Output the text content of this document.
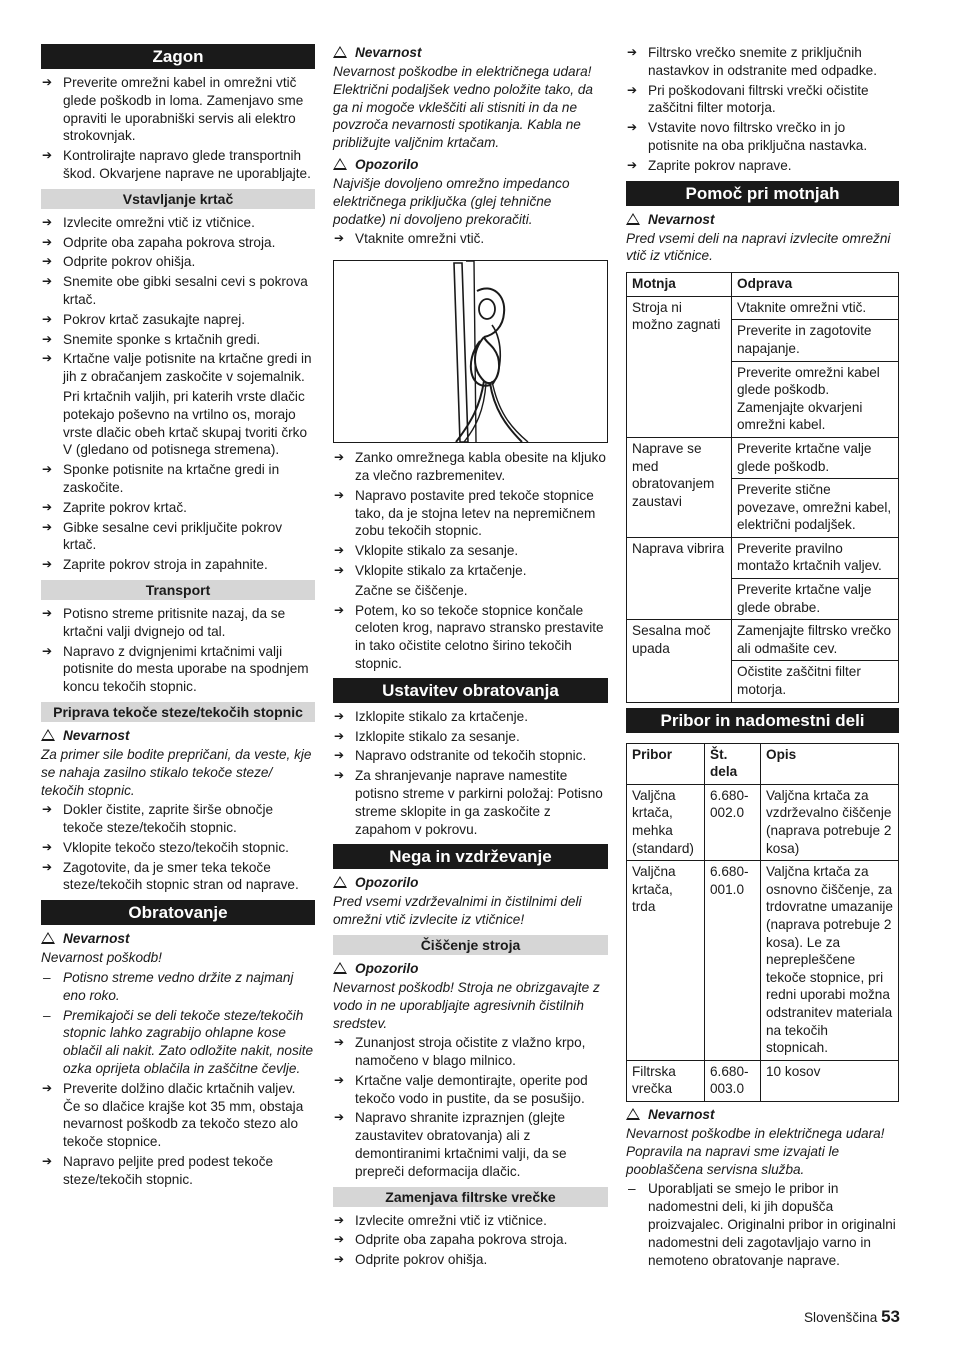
Zagon
➔ Preverite omrežni kabel in omrežni vtič glede poškodb in loma. Zamenjavo sme opraviti le uporabniški servis ali elektro strokovnjak.
➔ Kontrolirajte napravo glede transportnih škod. Okvarjene naprave ne uporabljajte.
Vstavljanje krtač
➔ Izvlecite omrežni vtič iz vtičnice.
➔ Odprite oba zapaha pokrova stroja.
➔ Odprite pokrov ohišja.
➔ Snemite obe gibki sesalni cevi s pokrova krtač.
➔ Pokrov krtač zasukajte naprej.
➔ Snemite sponke s krtačnih gredi.
➔ Krtačne valje potisnite na krtačne gredi in jih z obračanjem zaskočite v sojemalnik.
Pri krtačnih valjih, pri katerih vrste dlačic potekajo poševno na vrtilno os, morajo vrste dlačic obeh krtač skupaj tvoriti črko V (gledano od potisnega stremena).
➔ Sponke potisnite na krtačne gredi in zaskočite.
➔ Zaprite pokrov krtač.
➔ Gibke sesalne cevi priključite pokrov krtač.
➔ Zaprite pokrov stroja in zapahnite.
Transport
➔ Potisno streme pritisnite nazaj, da se krtačni valji dvignejo od tal.
➔ Napravo z dvignjenimi krtačnimi valji potisnite do mesta uporabe na spodnjem koncu tekočih stopnic.
Priprava tekoče steze/tekočih stopnic
Nevarnost
Za primer sile bodite prepričani, da veste, kje se nahaja zasilno stikalo tekoče steze/ tekočih stopnic.
➔ Dokler čistite, zaprite širše obnočje tekoče steze/tekočih stopnic.
➔ Vklopite tekočo stezo/tekočih stopnic.
➔ Zagotovite, da je smer teka tekoče steze/tekočih stopnic stran od naprave.
Obratovanje
Nevarnost
Nevarnost poškodb!
– Potisno streme vedno držite z najmanj eno roko.
– Premikajoči se deli tekoče steze/tekočih stopnic lahko zagrabijo ohlapne kose oblačil ali nakit. Zato odložite nakit, nosite ozka oprijeta oblačila in zaščitne čevlje.
➔ Preverite dolžino dlačic krtačnih valjev. Če so dlačice krajše kot 35 mm, obstaja nevarnost poškodb za tekočo stezo alo tekoče stopnice.
➔ Napravo peljite pred podest tekoče steze/tekočih stopnic.
Nevarnost
Nevarnost poškodbe in električnega udara! Električni podaljšek vedno položite tako, da ga ni mogoče vkleščiti ali stisniti in da ne povzroča nevarnosti spotikanja. Kabla ne približujte valjčnim krtačam.
Opozorilo
Najvišje dovoljeno omrežno impedanco električnega priključka (glej tehnične podatke) ni dovoljeno prekoračiti.
➔ Vtaknite omrežni vtič.
➔ Zanko omrežnega kabla obesite na kljuko za vlečno razbremenitev.
➔ Napravo postavite pred tekoče stopnice tako, da je stojna letev na nepremičnem zobu tekočih stopnic.
➔ Vklopite stikalo za sesanje.
➔ Vklopite stikalo za krtačenje.
Začne se čiščenje.
➔ Potem, ko so tekoče stopnice končale celoten krog, napravo stransko prestavite in tako očistite celotno širino tekočih stopnic.
Ustavitev obratovanja
➔ Izklopite stikalo za krtačenje.
➔ Izklopite stikalo za sesanje.
➔ Napravo odstranite od tekočih stopnic.
➔ Za shranjevanje naprave namestite potisno streme v parkirni položaj: Potisno streme sklopite in ga zaskočite z zapahom v pokrovu.
Nega in vzdrževanje
Opozorilo
Pred vsemi vzdrževalnimi in čistilnimi deli omrežni vtič izvlecite iz vtičnice!
Čiščenje stroja
Opozorilo
Nevarnost poškodb! Stroja ne obrizgavajte z vodo in ne uporabljajte agresivnih čistilnih sredstev.
➔ Zunanjost stroja očistite z vlažno krpo, namočeno v blago milnico.
➔ Krtačne valje demontirajte, operite pod tekočo vodo in pustite, da se posušijo.
➔ Napravo shranite izpraznjen (glejte zaustavitev obratovanja) ali z demontiranimi krtačnimi valji, da se prepreči deformacija dlačic.
Zamenjava filtrske vrečke
➔ Izvlecite omrežni vtič iz vtičnice.
➔ Odprite oba zapaha pokrova stroja.
➔ Odprite pokrov ohišja.
➔ Filtrsko vrečko snemite z priključnih nastavkov in odstranite med odpadke.
➔ Pri poškodovani filtrski vrečki očistite zaščitni filter motorja.
➔ Vstavite novo filtrsko vrečko in jo potisnite na oba priključna nastavka.
➔ Zaprite pokrov naprave.
Pomoč pri motnjah
Nevarnost
Pred vsemi deli na napravi izvlecite omrežni vtič iz vtičnice.
Motnja	Odprava
Stroja ni možno zagnati	Vtaknite omrežni vtič.
	Preverite in zagotovite napajanje.
	Preverite omrežni kabel glede poškodb. Zamenjajte okvarjeni omrežni kabel.
Naprave se med obratovanjem zaustavi	Preverite krtačne valje glede poškodb.
	Preverite stične povezave, omrežni kabel, električni podaljšek.
Naprava vibrira	Preverite pravilno montažo krtačnih valjev.
	Preverite krtačne valje glede obrabe.
Sesalna moč upada	Zamenjajte filtrsko vrečko ali odmašite cev.
	Očistite zaščitni filter motorja.
Pribor in nadomestni deli
Pribor	Št. dela	Opis
Valjčna krtača, mehka (standard)	6.680-002.0	Valjčna krtača za vzdrževalno čiščenje (naprava potrebuje 2 kosa)
Valjčna krtača, trda	6.680-001.0	Valjčna krtača za osnovno čiščenje, za trdovratne umazanije (naprava potrebuje 2 kosa). Le za neprepleščene tekoče stopnice, pri redni uporabi možna odstranitev materiala na tekočih stopnicah.
Filtrska vrečka	6.680-003.0	10 kosov
Nevarnost
Nevarnost poškodbe in električnega udara! Popravila na napravi sme izvajati le pooblaščena servisna služba.
– Uporabljati se smejo le pribor in nadomestni deli, ki jih dopušča proizvajalec. Originalni pribor in originalni nadomestni deli zagotavljajo varno in nemoteno obratovanje naprave.
Slovenščina 53
